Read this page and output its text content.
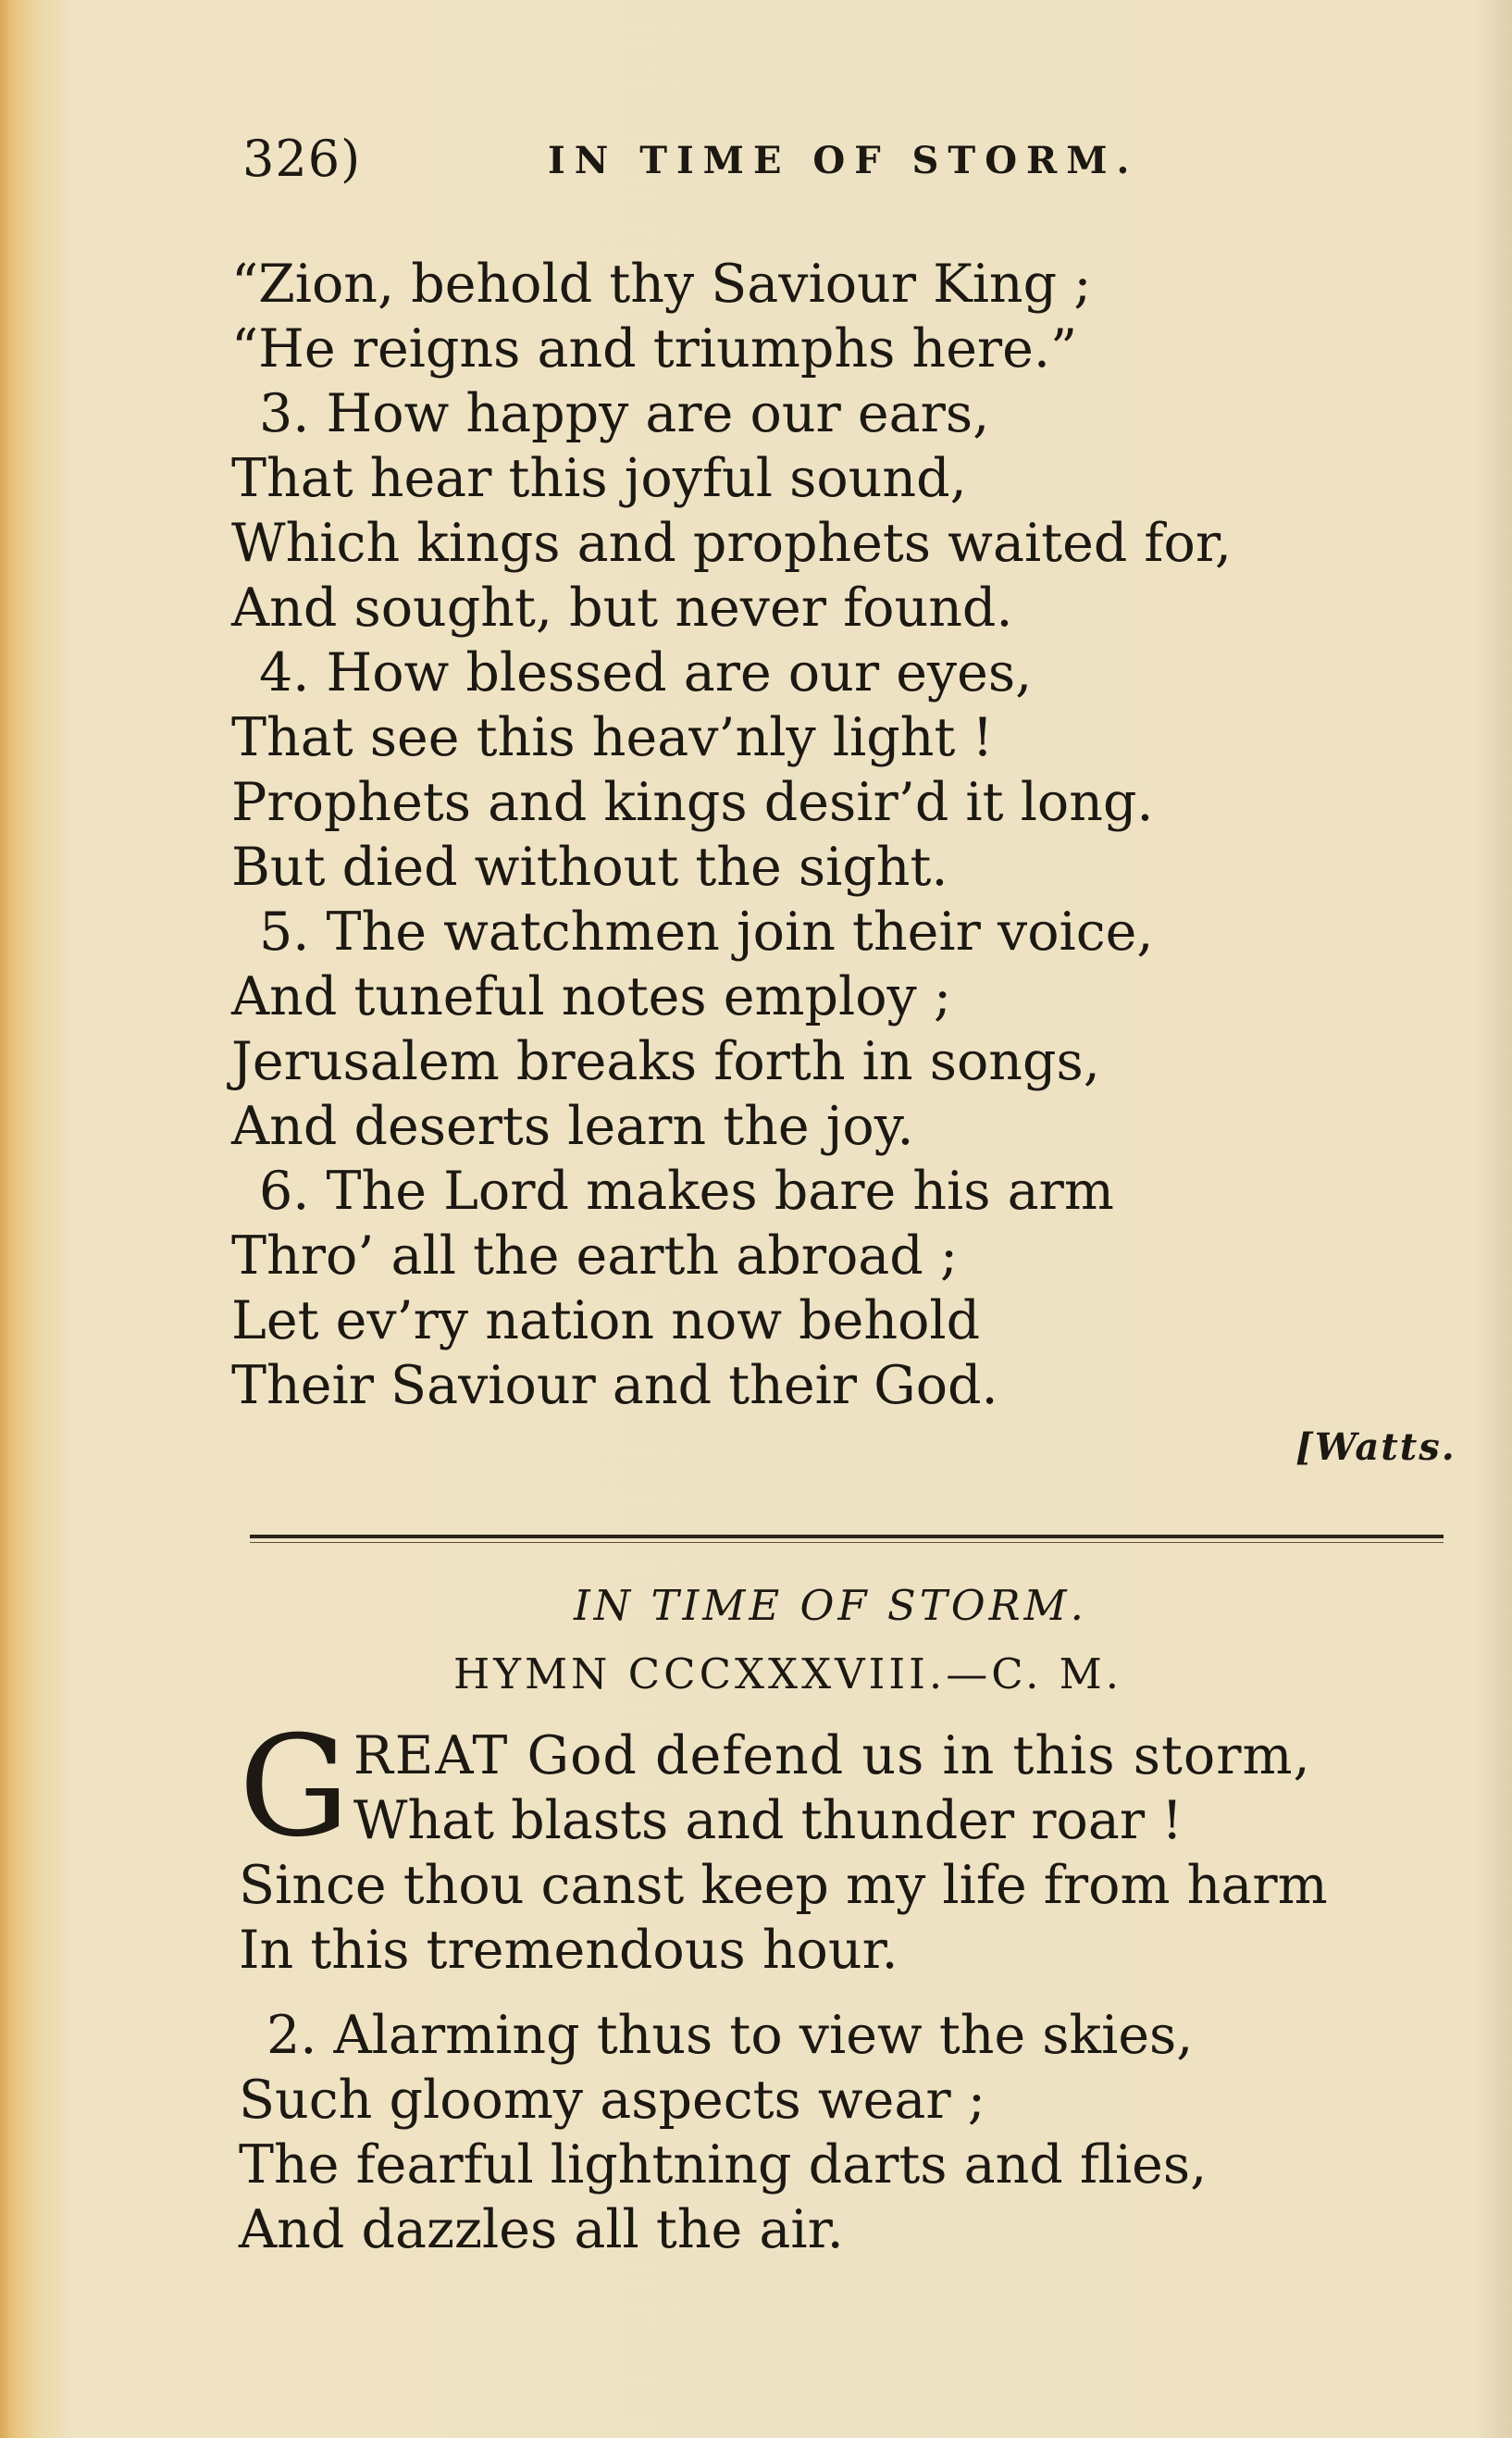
326)	IN TIME OF STORM.
“Zion, behold thy Saviour King ;
“He reigns and triumphs here.”
3. How happy are our ears,
That hear this joyful sound,
Which kings and prophets waited for,
And sought, but never found.
4. How blessed are our eyes,
That see this heav’nly light !
Prophets and kings desir’d it long.
But died without the sight.
5. The watchmen join their voice,
And tuneful notes employ ;
Jerusalem breaks forth in songs,
And deserts learn the joy.
6. The Lord makes bare his arm
Thro’ all the earth abroad ;
Let ev’ry nation now behold
Their Saviour and their God.
[Watts.
IN TIME OF STORM.
HYMN CCCXXXVIII.—C. M.
G REAT God defend us in this storm,
What blasts and thunder roar !
Since thou canst keep my life from harm
In this tremendous hour.
2. Alarming thus to view the skies,
Such gloomy aspects wear ;
The fearful lightning darts and flies,
And dazzles all the air.
